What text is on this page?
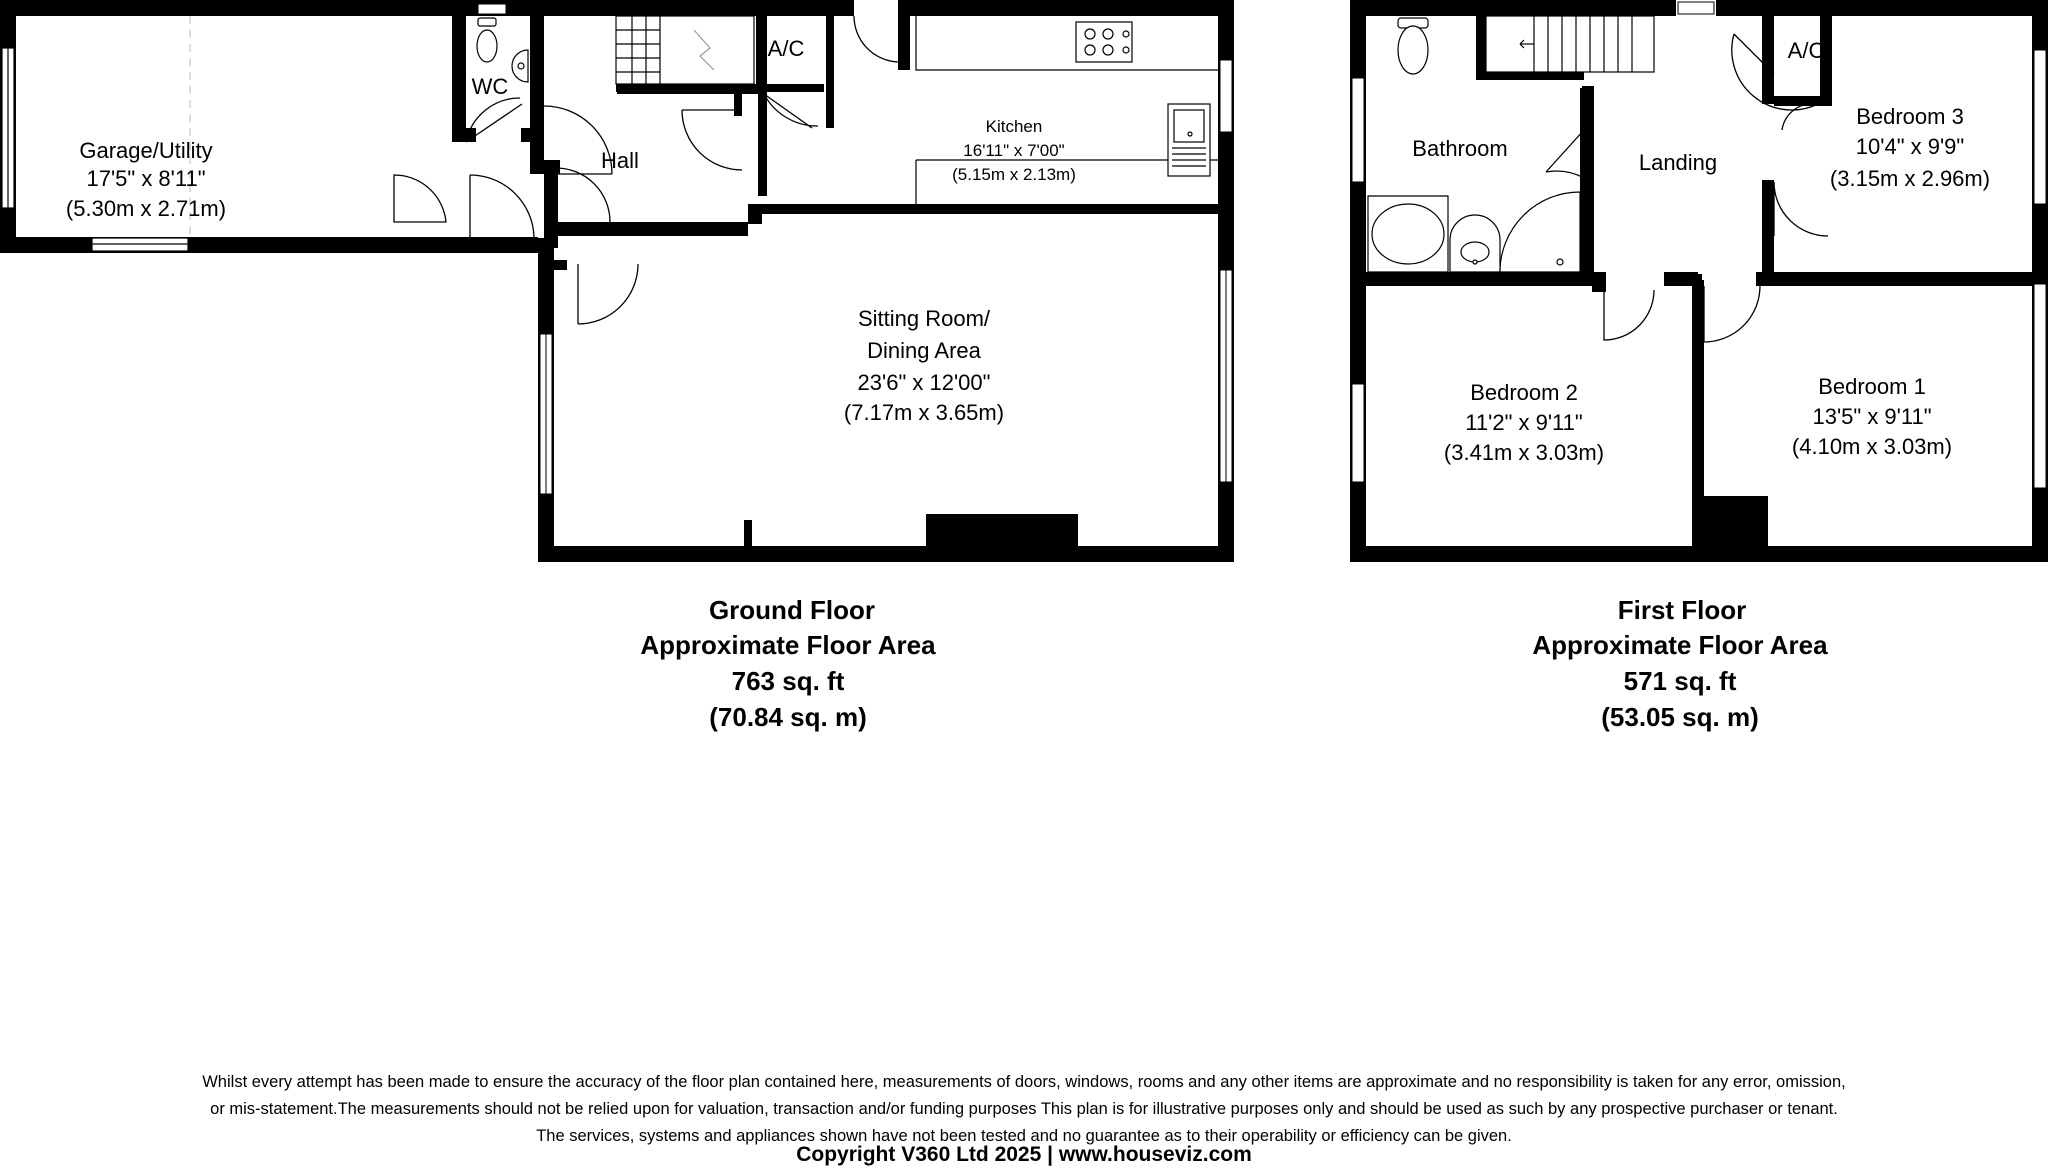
Garage/Utility
17'5" x 8'11"
(5.30m x 2.71m)
WC
Hall
A/C
Kitchen
16'11" x 7'00"
(5.15m x 2.13m)
Sitting Room/
Dining Area
23'6" x 12'00"
(7.17m x 3.65m)
Bathroom
Landing
A/C
Bedroom 3
10'4" x 9'9"
(3.15m x 2.96m)
Bedroom 2
11'2" x 9'11"
(3.41m x 3.03m)
Bedroom 1
13'5" x 9'11"
(4.10m x 3.03m)
Ground Floor
Approximate Floor Area
763 sq. ft
(70.84 sq. m)
First Floor
Approximate Floor Area
571 sq. ft
(53.05 sq. m)
Whilst every attempt has been made to ensure the accuracy of the floor plan contained here, measurements of doors, windows, rooms and any other items are approximate and no responsibility is taken for any error, omission,
or mis-statement.The measurements should not be relied upon for valuation, transaction and/or funding purposes This plan is for illustrative purposes only and should be used as such by any prospective purchaser or tenant.
The services, systems and appliances shown have not been tested and no guarantee as to their operability or efficiency can be given.
Copyright V360 Ltd 2025 | www.houseviz.com
